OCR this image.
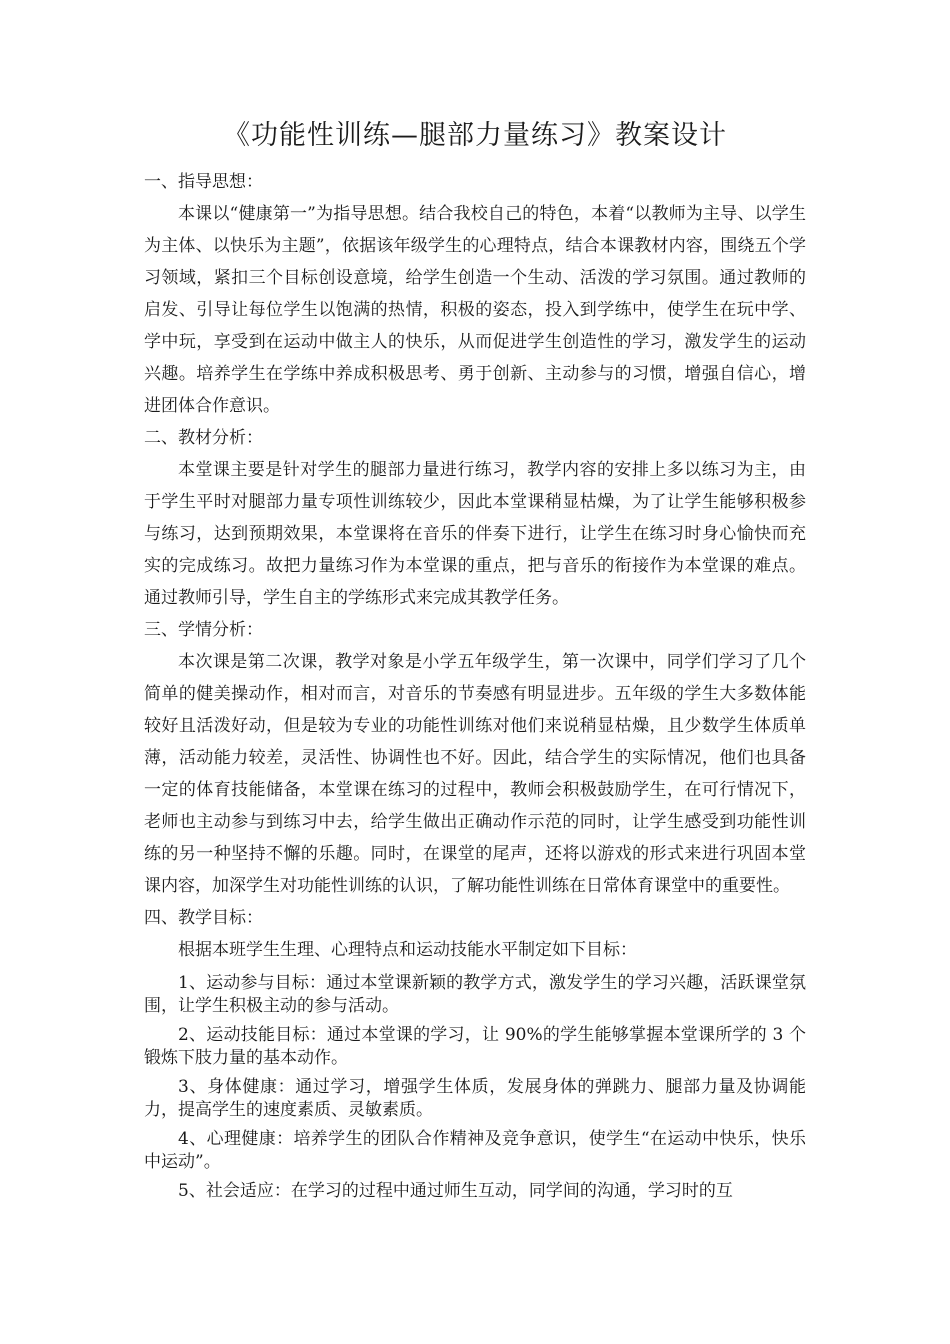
《功能性训练—腿部力量练习》教案设计
一、指导思想：
本课以“健康第一”为指导思想。结合我校自己的特色，本着“以教师为主导、以学生为主体、以快乐为主题”，依据该年级学生的心理特点，结合本课教材内容，围绕五个学习领域，紧扣三个目标创设意境，给学生创造一个生动、活泼的学习氛围。通过教师的启发、引导让每位学生以饱满的热情，积极的姿态，投入到学练中，使学生在玩中学、学中玩，享受到在运动中做主人的快乐，从而促进学生创造性的学习，激发学生的运动兴趣。培养学生在学练中养成积极思考、勇于创新、主动参与的习惯，增强自信心，增进团体合作意识。
二、教材分析：
本堂课主要是针对学生的腿部力量进行练习，教学内容的安排上多以练习为主，由于学生平时对腿部力量专项性训练较少，因此本堂课稍显枯燥，为了让学生能够积极参与练习，达到预期效果，本堂课将在音乐的伴奏下进行，让学生在练习时身心愉快而充实的完成练习。故把力量练习作为本堂课的重点，把与音乐的衔接作为本堂课的难点。通过教师引导，学生自主的学练形式来完成其教学任务。
三、学情分析：
本次课是第二次课，教学对象是小学五年级学生，第一次课中，同学们学习了几个简单的健美操动作，相对而言，对音乐的节奏感有明显进步。五年级的学生大多数体能较好且活泼好动，但是较为专业的功能性训练对他们来说稍显枯燥，且少数学生体质单薄，活动能力较差，灵活性、协调性也不好。因此，结合学生的实际情况，他们也具备一定的体育技能储备，本堂课在练习的过程中，教师会积极鼓励学生，在可行情况下，老师也主动参与到练习中去，给学生做出正确动作示范的同时，让学生感受到功能性训练的另一种坚持不懈的乐趣。同时，在课堂的尾声，还将以游戏的形式来进行巩固本堂课内容，加深学生对功能性训练的认识，了解功能性训练在日常体育课堂中的重要性。
四、教学目标：
根据本班学生生理、心理特点和运动技能水平制定如下目标：
1、运动参与目标：通过本堂课新颖的教学方式，激发学生的学习兴趣，活跃课堂氛围，让学生积极主动的参与活动。
2、运动技能目标：通过本堂课的学习，让 90%的学生能够掌握本堂课所学的 3 个锻炼下肢力量的基本动作。
3、身体健康：通过学习，增强学生体质，发展身体的弹跳力、腿部力量及协调能力，提高学生的速度素质、灵敏素质。
4、心理健康：培养学生的团队合作精神及竞争意识，使学生“在运动中快乐，快乐中运动”。
5、社会适应：在学习的过程中通过师生互动，同学间的沟通，学习时的互
